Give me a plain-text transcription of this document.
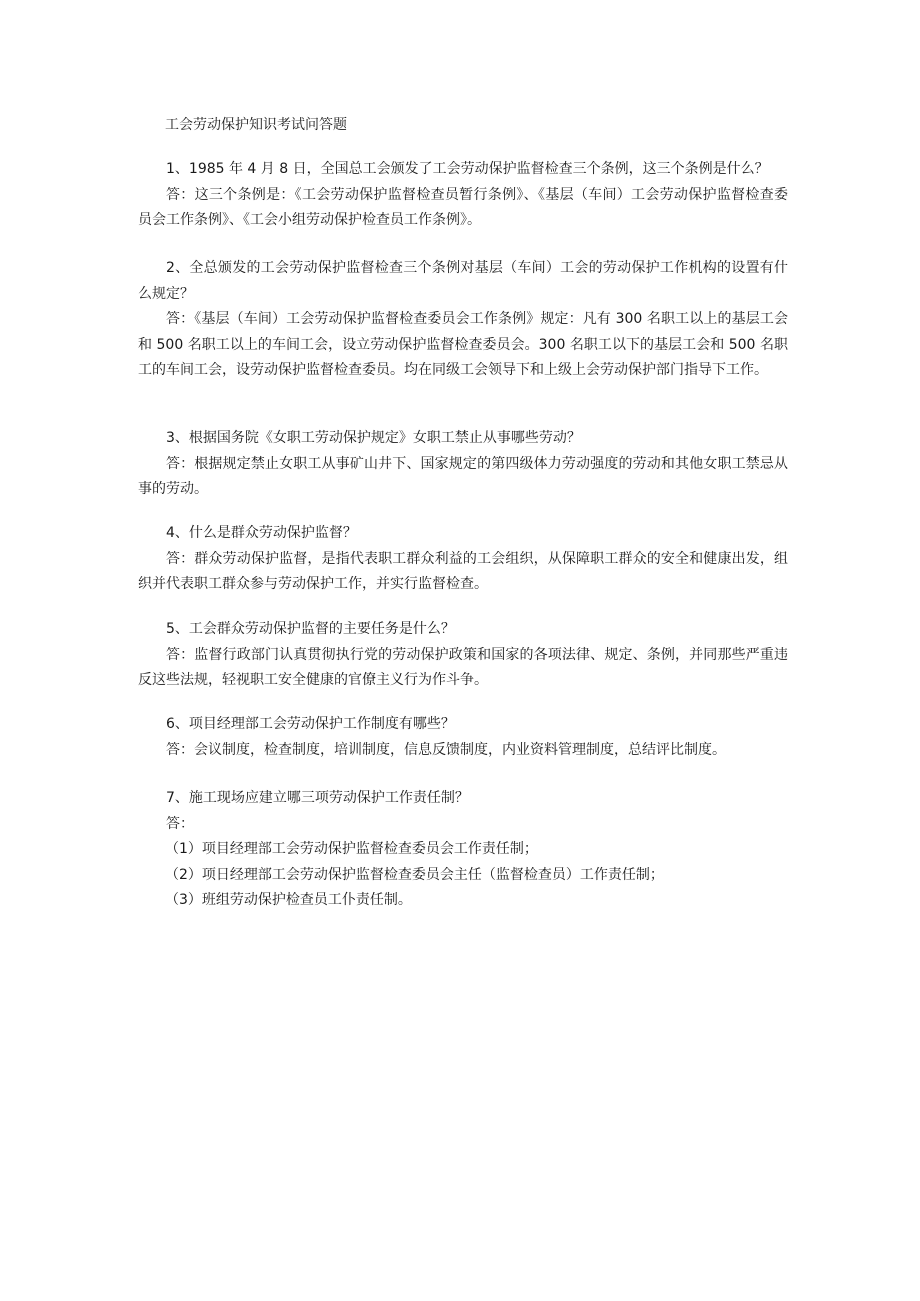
工会劳动保护知识考试问答题

1、1985 年 4 月 8 日，全国总工会颁发了工会劳动保护监督检查三个条例，这三个条例是什么？

答：这三个条例是：《工会劳动保护监督检查员暂行条例》、《基层（车间）工会劳动保护监督检查委员会工作条例》、《工会小组劳动保护检查员工作条例》。

2、全总颁发的工会劳动保护监督检查三个条例对基层（车间）工会的劳动保护工作机构的设置有什么规定？

答：《基层（车间）工会劳动保护监督检查委员会工作条例》规定：凡有 300 名职工以上的基层工会和 500 名职工以上的车间工会，设立劳动保护监督检查委员会。300 名职工以下的基层工会和 500 名职工的车间工会，设劳动保护监督检查委员。均在同级工会领导下和上级上会劳动保护部门指导下工作。

3、根据国务院《女职工劳动保护规定》女职工禁止从事哪些劳动？

答：根据规定禁止女职工从事矿山井下、国家规定的第四级体力劳动强度的劳动和其他女职工禁忌从事的劳动。

4、什么是群众劳动保护监督？

答：群众劳动保护监督，是指代表职工群众利益的工会组织，从保障职工群众的安全和健康出发，组织并代表职工群众参与劳动保护工作，并实行监督检查。

5、工会群众劳动保护监督的主要任务是什么？

答：监督行政部门认真贯彻执行党的劳动保护政策和国家的各项法律、规定、条例，并同那些严重违反这些法规，轻视职工安全健康的官僚主义行为作斗争。

6、项目经理部工会劳动保护工作制度有哪些？

答：会议制度，检查制度，培训制度，信息反馈制度，内业资料管理制度，总结评比制度。

7、施工现场应建立哪三项劳动保护工作责任制？

答：

（1）项目经理部工会劳动保护监督检查委员会工作责任制；

（2）项日经理部工会劳动保护监督检查委员会主任（监督检查员）工作责任制；

（3）班组劳动保护检查员工仆责任制。
